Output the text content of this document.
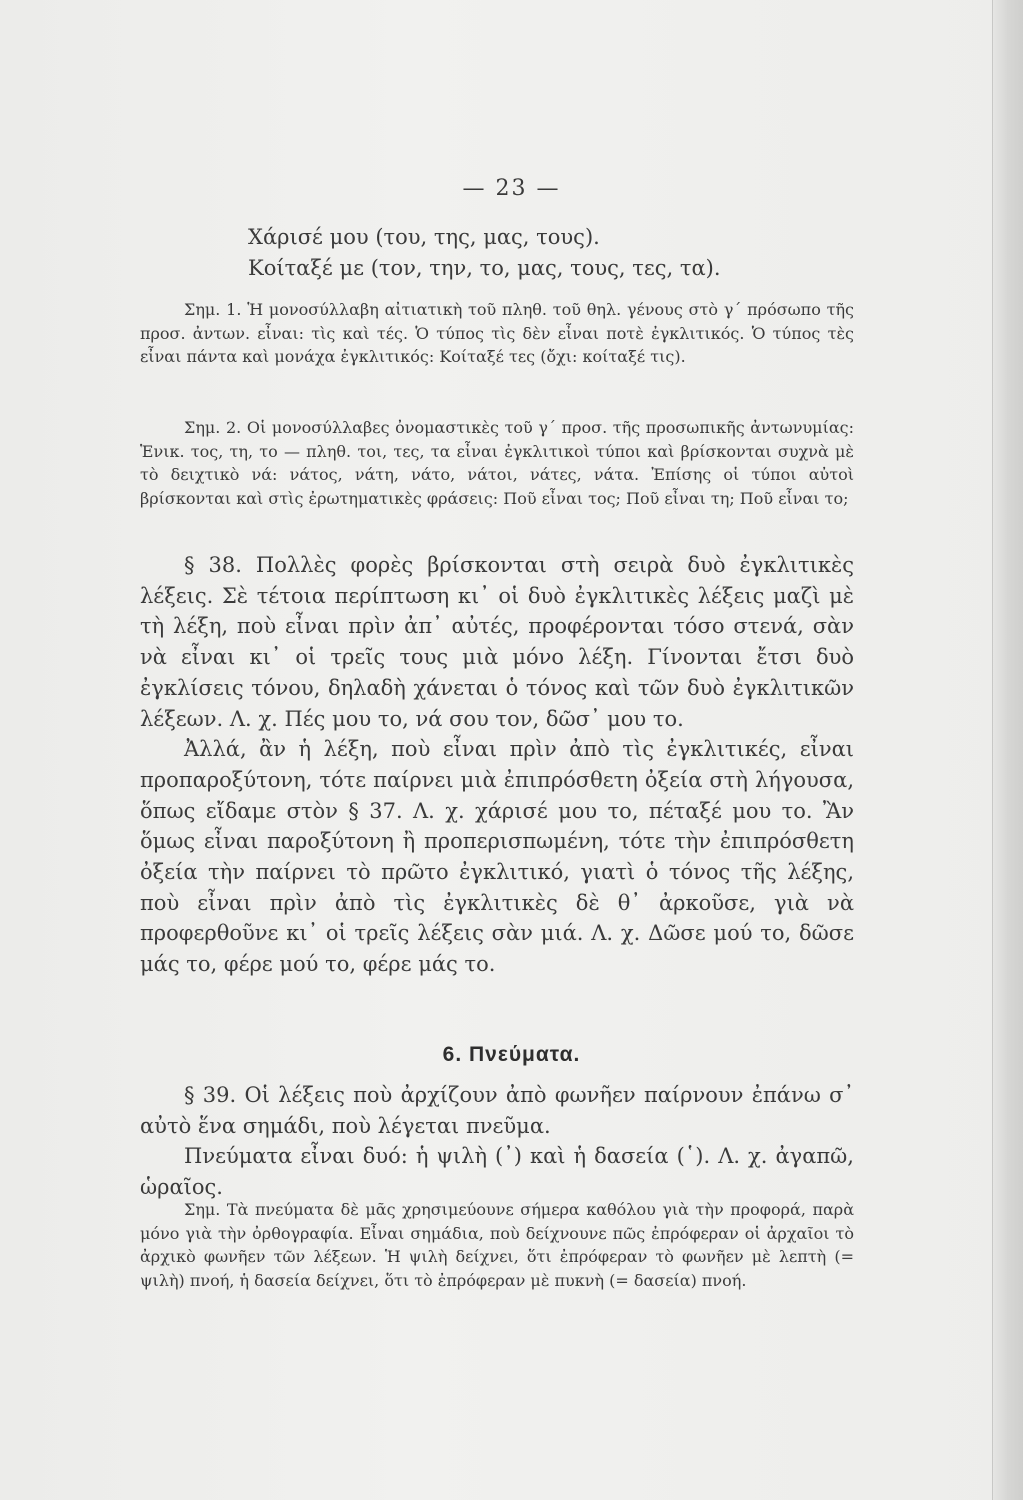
— 23 —

Χάρισέ μου (του, της, μας, τους).

Κοίταξέ με (τον, την, το, μας, τους, τες, τα).

Σημ. 1. Ἡ μονοσύλλαβη αἰτιατικὴ τοῦ πληθ. τοῦ θηλ. γένους στὸ γ΄ πρόσωπο τῆς προσ. ἀντων. εἶναι: τὶς καὶ τές. Ὁ τύπος τὶς δὲν εἶναι ποτὲ ἐγκλιτικός. Ὁ τύπος τὲς εἶναι πάντα καὶ μονάχα ἐγκλιτικός: Κοίταξέ τες (ὄχι: κοίταξέ τις).

Σημ. 2. Οἱ μονοσύλλαβες ὀνομαστικὲς τοῦ γ΄ προσ. τῆς προσωπικῆς ἀντωνυμίας: Ἑνικ. τος, τη, το — πληθ. τοι, τες, τα εἶναι ἐγκλιτικοὶ τύποι καὶ βρίσκονται συχνὰ μὲ τὸ δειχτικὸ νά: νάτος, νάτη, νάτο, νάτοι, νάτες, νάτα. Ἐπίσης οἱ τύποι αὐτοὶ βρίσκονται καὶ στὶς ἐρωτηματικὲς φράσεις: Ποῦ εἶναι τος; Ποῦ εἶναι τη; Ποῦ εἶναι το;

§ 38. Πολλὲς φορὲς βρίσκονται στὴ σειρὰ δυὸ ἐγκλιτικὲς λέξεις. Σὲ τέτοια περίπτωση κι᾽ οἱ δυὸ ἐγκλιτικὲς λέξεις μαζὶ μὲ τὴ λέξη, ποὺ εἶναι πρὶν ἀπ᾽ αὐτές, προφέρονται τόσο στενά, σὰν νὰ εἶναι κι᾽ οἱ τρεῖς τους μιὰ μόνο λέξη. Γίνονται ἔτσι δυὸ ἐγκλίσεις τόνου, δηλαδὴ χάνεται ὁ τόνος καὶ τῶν δυὸ ἐγκλιτικῶν λέξεων. Λ. χ. Πές μου το, νά σου τον, δῶσ᾽ μου το.

Ἀλλά, ἂν ἡ λέξη, ποὺ εἶναι πρὶν ἀπὸ τὶς ἐγκλιτικές, εἶναι προπαροξύτονη, τότε παίρνει μιὰ ἐπιπρόσθετη ὀξεία στὴ λήγουσα, ὅπως εἴδαμε στὸν § 37. Λ. χ. χάρισέ μου το, πέταξέ μου το. Ἂν ὅμως εἶναι παροξύτονη ἢ προπερισπωμένη, τότε τὴν ἐπιπρόσθετη ὀξεία τὴν παίρνει τὸ πρῶτο ἐγκλιτικό, γιατὶ ὁ τόνος τῆς λέξης, ποὺ εἶναι πρὶν ἀπὸ τὶς ἐγκλιτικὲς δὲ θ᾽ ἀρκοῦσε, γιὰ νὰ προφερθοῦνε κι᾽ οἱ τρεῖς λέξεις σὰν μιά. Λ. χ. Δῶσε μού το, δῶσε μάς το, φέρε μού το, φέρε μάς το.

6. Πνεύματα.

§ 39. Οἱ λέξεις ποὺ ἀρχίζουν ἀπὸ φωνῆεν παίρνουν ἐπάνω σ᾽ αὐτὸ ἕνα σημάδι, ποὺ λέγεται πνεῦμα.

Πνεύματα εἶναι δυό: ἡ ψιλὴ (᾿) καὶ ἡ δασεία (῾). Λ. χ. ἀγαπῶ, ὡραῖος.

Σημ. Τὰ πνεύματα δὲ μᾶς χρησιμεύουνε σήμερα καθόλου γιὰ τὴν προφορά, παρὰ μόνο γιὰ τὴν ὀρθογραφία. Εἶναι σημάδια, ποὺ δείχνουνε πῶς ἐπρόφεραν οἱ ἀρχαῖοι τὸ ἀρχικὸ φωνῆεν τῶν λέξεων. Ἡ ψιλὴ δείχνει, ὅτι ἐπρόφεραν τὸ φωνῆεν μὲ λεπτὴ (= ψιλὴ) πνοή, ἡ δασεία δείχνει, ὅτι τὸ ἐπρόφεραν μὲ πυκνὴ (= δασεία) πνοή.
